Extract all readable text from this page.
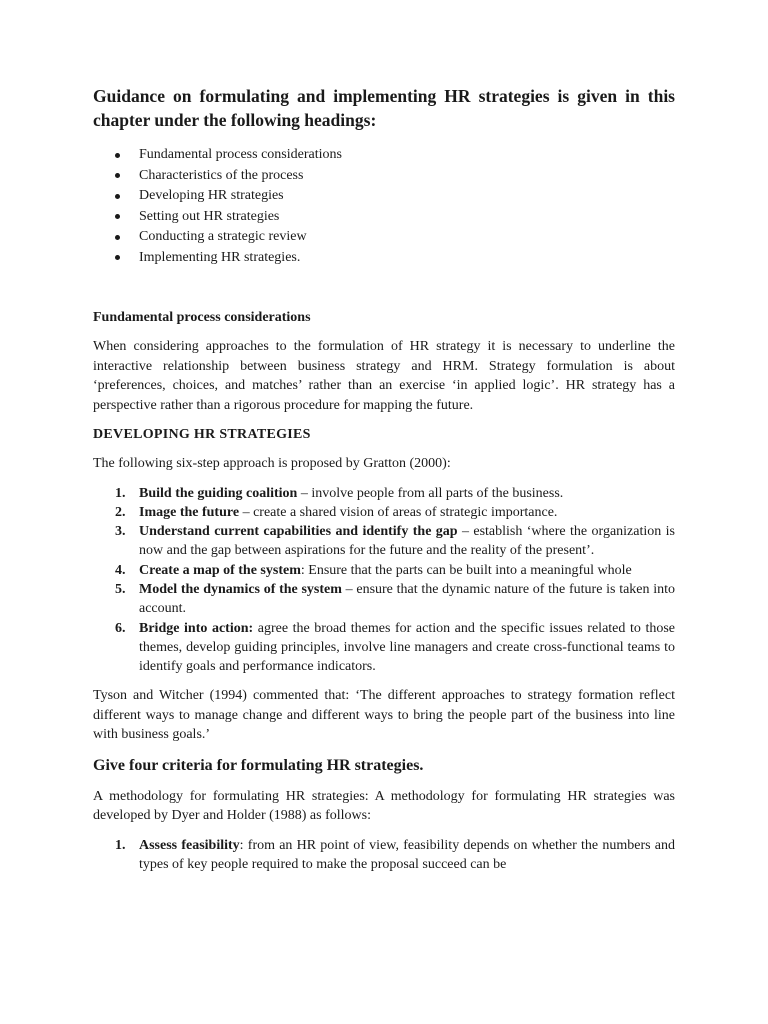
Guidance on formulating and implementing HR strategies is given in this chapter under the following headings:

Fundamental process considerations
Characteristics of the process
Developing HR strategies
Setting out HR strategies
Conducting a strategic review
Implementing HR strategies.

Fundamental process considerations

When considering approaches to the formulation of HR strategy it is necessary to underline the interactive relationship between business strategy and HRM. Strategy formulation is about ‘preferences, choices, and matches’ rather than an exercise ‘in applied logic’. HR strategy has a perspective rather than a rigorous procedure for mapping the future.

DEVELOPING HR STRATEGIES

The following six-step approach is proposed by Gratton (2000):

1. Build the guiding coalition – involve people from all parts of the business.
2. Image the future – create a shared vision of areas of strategic importance.
3. Understand current capabilities and identify the gap – establish ‘where the organization is now and the gap between aspirations for the future and the reality of the present’.
4. Create a map of the system: Ensure that the parts can be built into a meaningful whole
5. Model the dynamics of the system – ensure that the dynamic nature of the future is taken into account.
6. Bridge into action: agree the broad themes for action and the specific issues related to those themes, develop guiding principles, involve line managers and create cross-functional teams to identify goals and performance indicators.

Tyson and Witcher (1994) commented that: ‘The different approaches to strategy formation reflect different ways to manage change and different ways to bring the people part of the business into line with business goals.’

Give four criteria for formulating HR strategies.

A methodology for formulating HR strategies: A methodology for formulating HR strategies was developed by Dyer and Holder (1988) as follows:

1. Assess feasibility: from an HR point of view, feasibility depends on whether the numbers and types of key people required to make the proposal succeed can be
